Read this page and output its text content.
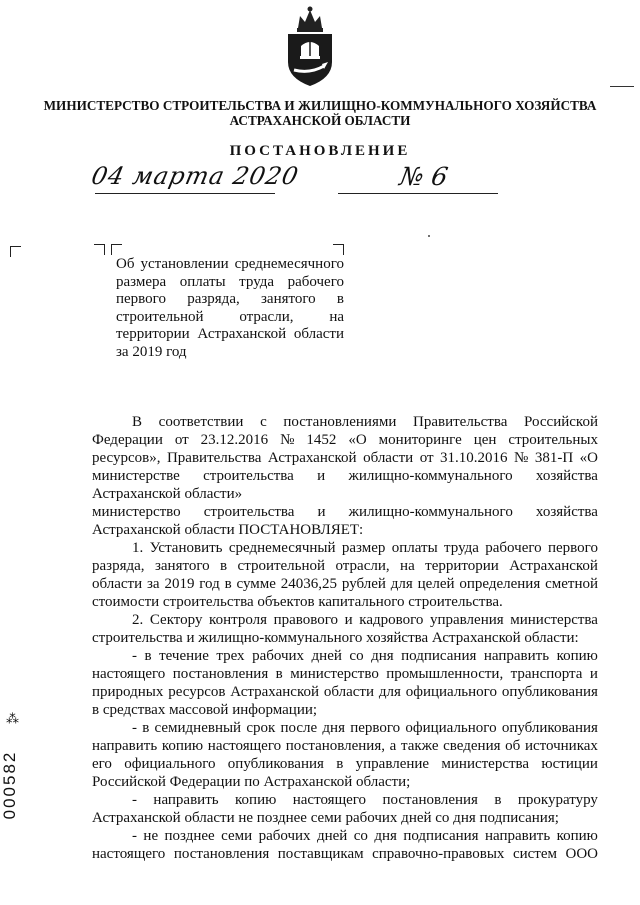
МИНИСТЕРСТВО СТРОИТЕЛЬСТВА И ЖИЛИЩНО-КОММУНАЛЬНОГО ХОЗЯЙСТВА
АСТРАХАНСКОЙ ОБЛАСТИ
ПОСТАНОВЛЕНИЕ
04 марта 2020	№ 6
Об установлении среднемесячного
размера оплаты труда рабочего
первого разряда, занятого в
строительной отрасли, на
территории Астраханской области
за 2019 год
В соответствии с постановлениями Правительства Российской
Федерации от 23.12.2016 № 1452 «О мониторинге цен строительных
ресурсов», Правительства Астраханской области от 31.10.2016 № 381-П «О
министерстве строительства и жилищно-коммунального хозяйства
Астраханской области»
министерство строительства и жилищно-коммунального хозяйства
Астраханской области ПОСТАНОВЛЯЕТ:
1. Установить среднемесячный размер оплаты труда рабочего первого
разряда, занятого в строительной отрасли, на территории Астраханской
области за 2019 год в сумме 24036,25 рублей для целей определения сметной
стоимости строительства объектов капитального строительства.
2. Сектору контроля правового и кадрового управления министерства
строительства и жилищно-коммунального хозяйства Астраханской области:
- в течение трех рабочих дней со дня подписания направить копию
настоящего постановления в министерство промышленности, транспорта и
природных ресурсов Астраханской области для официального опубликования
в средствах массовой информации;
- в семидневный срок после дня первого официального опубликования
направить копию настоящего постановления, а также сведения об источниках
его официального опубликования в управление министерства юстиции
Российской Федерации по Астраханской области;
- направить копию настоящего постановления в прокуратуру
Астраханской области не позднее семи рабочих дней со дня подписания;
- не позднее семи рабочих дней со дня подписания направить копию
настоящего постановления поставщикам справочно-правовых систем ООО
⁂
000582
